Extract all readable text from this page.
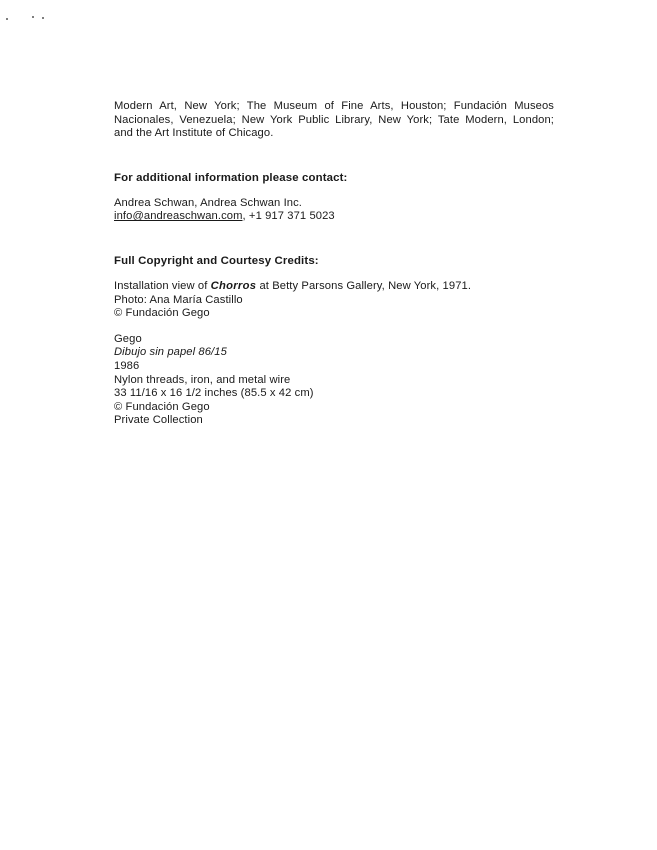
Modern Art, New York; The Museum of Fine Arts, Houston; Fundación Museos
Nacionales, Venezuela; New York Public Library, New York; Tate Modern, London;
and the Art Institute of Chicago.

For additional information please contact:

Andrea Schwan, Andrea Schwan Inc.
info@andreaschwan.com, +1 917 371 5023

Full Copyright and Courtesy Credits:

Installation view of Chorros at Betty Parsons Gallery, New York, 1971.
Photo: Ana María Castillo
© Fundación Gego

Gego
Dibujo sin papel 86/15
1986
Nylon threads, iron, and metal wire
33 11/16 x 16 1/2 inches (85.5 x 42 cm)
© Fundación Gego
Private Collection
